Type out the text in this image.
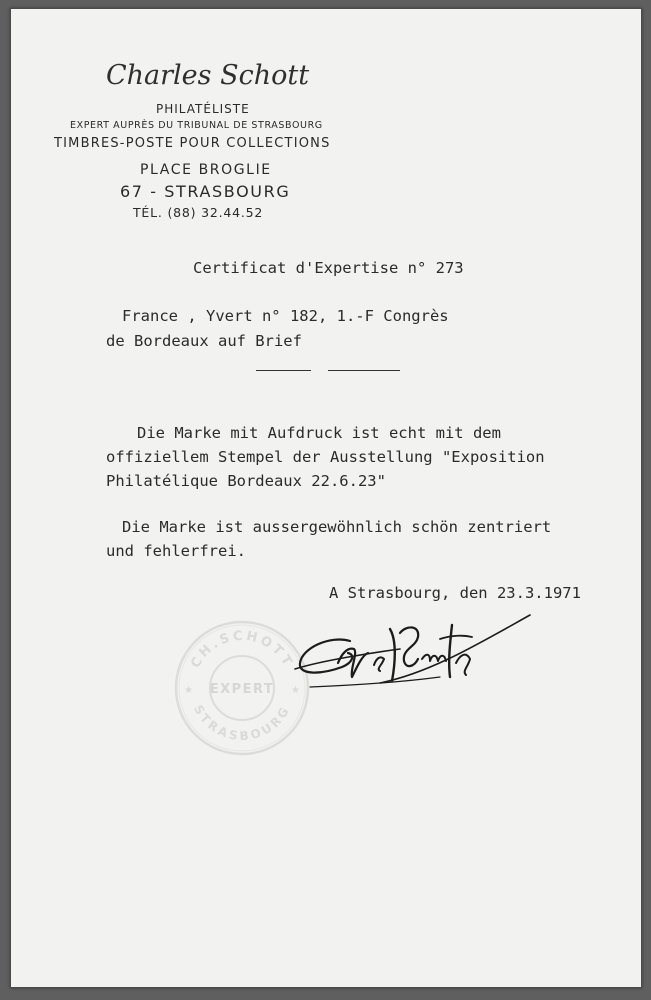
Charles Schott
PHILATÉLISTE
EXPERT AUPRÈS DU TRIBUNAL DE STRASBOURG
TIMBRES-POSTE POUR COLLECTIONS
PLACE BROGLIE
67 - STRASBOURG
TÉL. (88) 32.44.52
Certificat d'Expertise n° 273
France , Yvert n° 182, 1.-F Congrès
de Bordeaux auf Brief
Die Marke mit Aufdruck ist echt mit dem
offiziellem Stempel der Ausstellung "Exposition
Philatélique Bordeaux 22.6.23"
Die Marke ist aussergewöhnlich schön zentriert
und fehlerfrei.
A Strasbourg, den 23.3.1971
CH.SCHOTT
STRASBOURG
EXPERT
★	★
